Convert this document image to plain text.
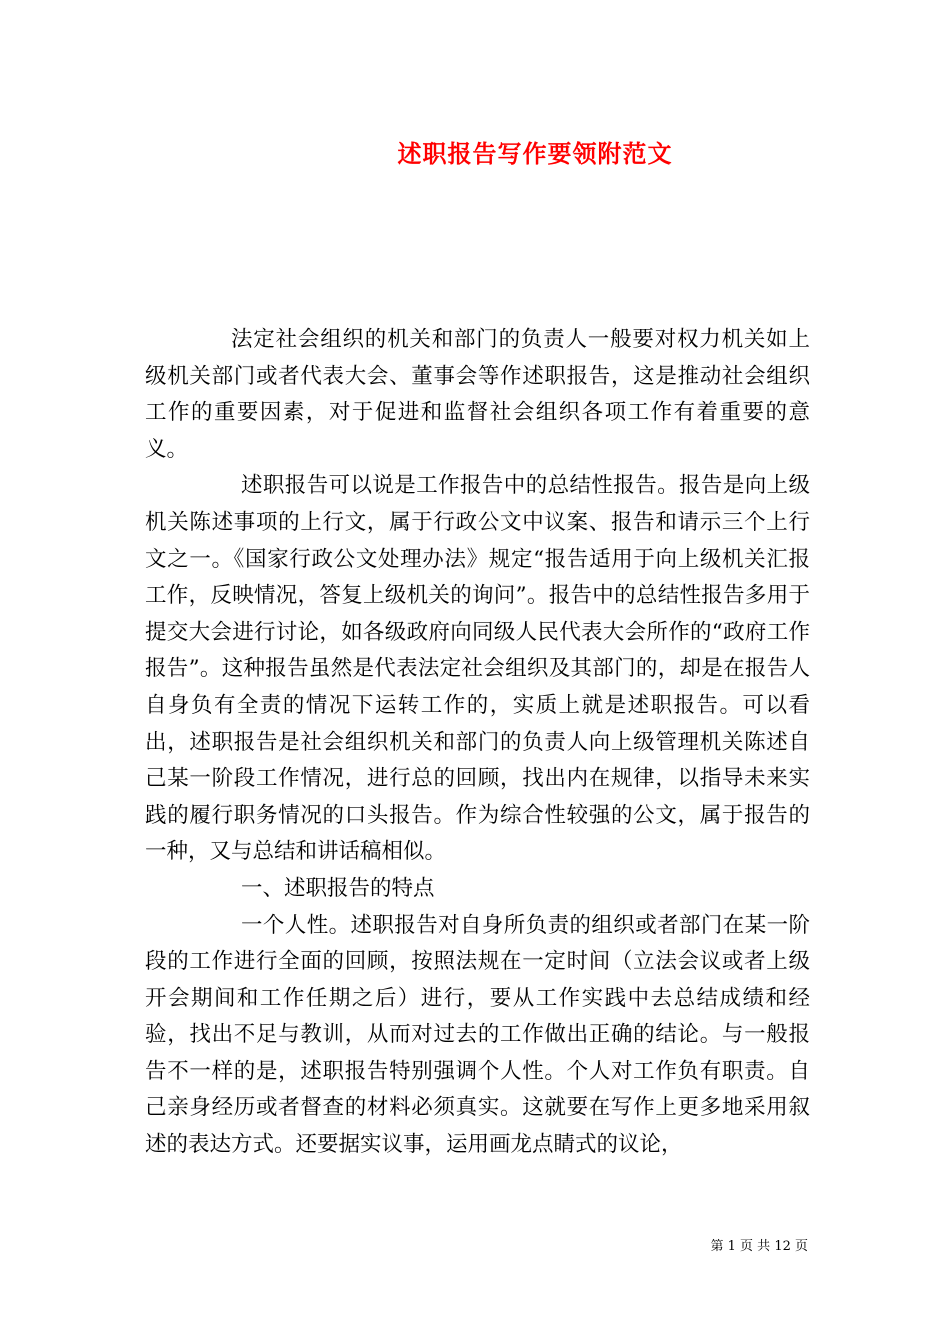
述职报告写作要领附范文

法定社会组织的机关和部门的负责人一般要对权力机关如上级机关部门或者代表大会、董事会等作述职报告，这是推动社会组织工作的重要因素，对于促进和监督社会组织各项工作有着重要的意义。

述职报告可以说是工作报告中的总结性报告。报告是向上级机关陈述事项的上行文，属于行政公文中议案、报告和请示三个上行文之一。《国家行政公文处理办法》规定“报告适用于向上级机关汇报工作，反映情况，答复上级机关的询问”。报告中的总结性报告多用于提交大会进行讨论，如各级政府向同级人民代表大会所作的“政府工作报告”。这种报告虽然是代表法定社会组织及其部门的，却是在报告人自身负有全责的情况下运转工作的，实质上就是述职报告。可以看出，述职报告是社会组织机关和部门的负责人向上级管理机关陈述自己某一阶段工作情况，进行总的回顾，找出内在规律，以指导未来实践的履行职务情况的口头报告。作为综合性较强的公文，属于报告的一种，又与总结和讲话稿相似。

一、述职报告的特点

一个人性。述职报告对自身所负责的组织或者部门在某一阶段的工作进行全面的回顾，按照法规在一定时间（立法会议或者上级开会期间和工作任期之后）进行，要从工作实践中去总结成绩和经验，找出不足与教训，从而对过去的工作做出正确的结论。与一般报告不一样的是，述职报告特别强调个人性。个人对工作负有职责。自己亲身经历或者督查的材料必须真实。这就要在写作上更多地采用叙述的表达方式。还要据实议事，运用画龙点睛式的议论，

第 1 页 共 12 页
